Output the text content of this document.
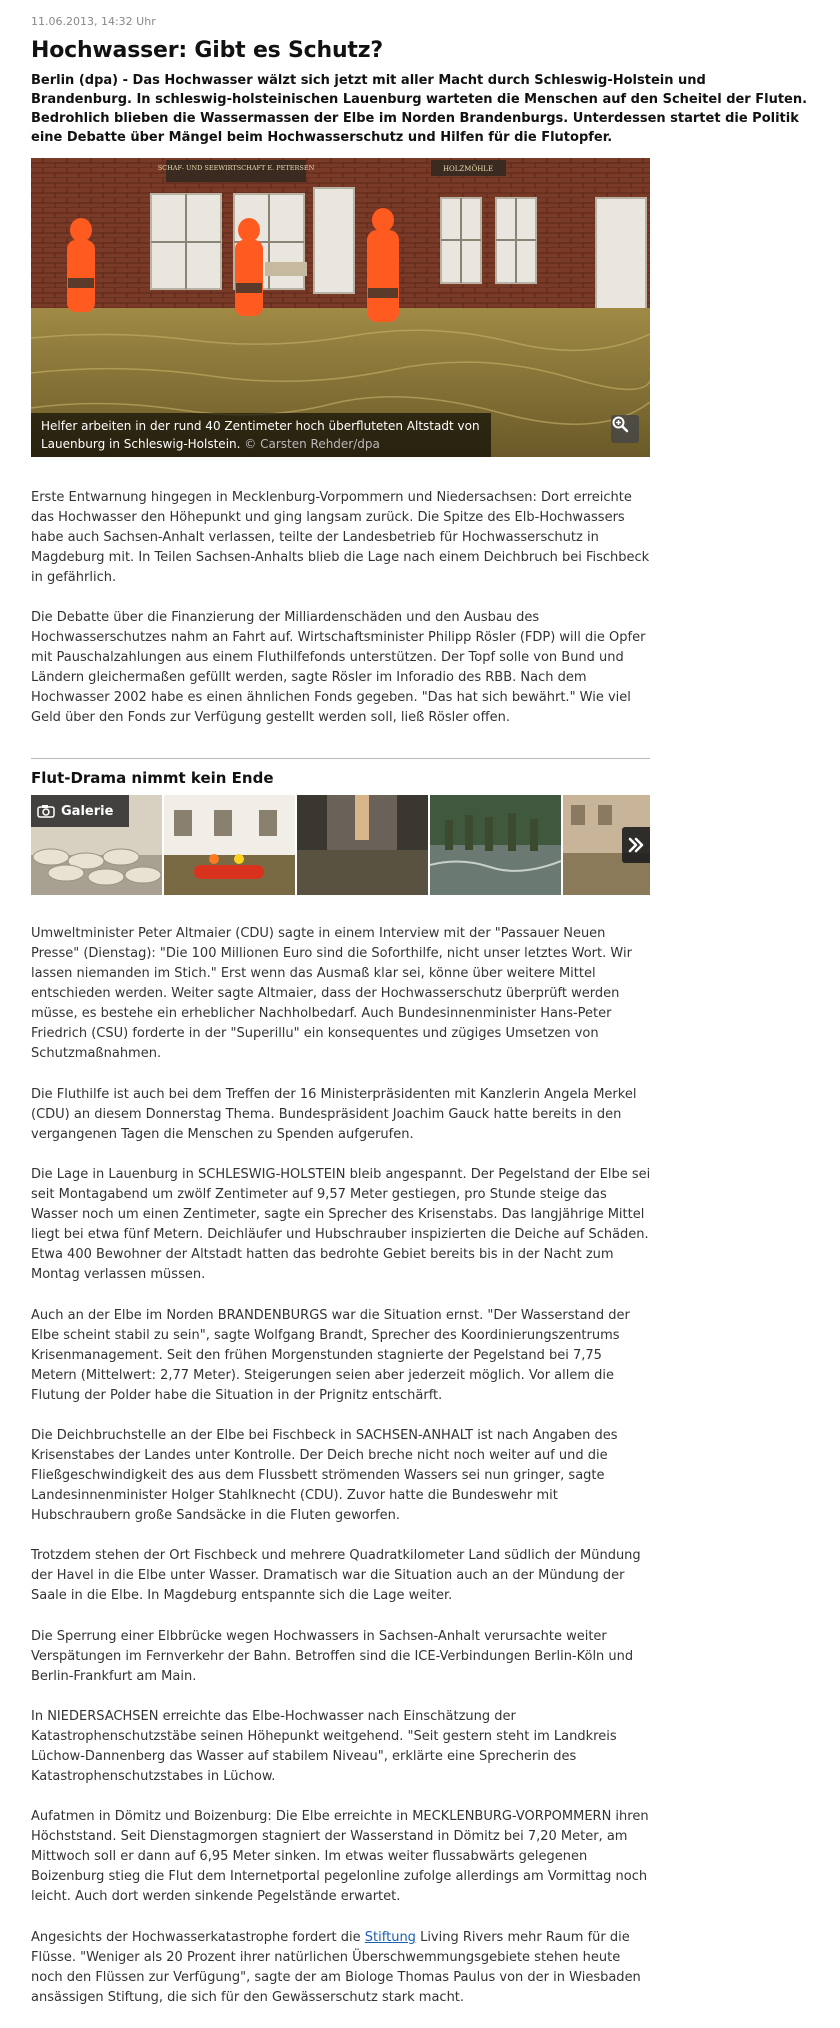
11.06.2013, 14:32 Uhr
Hochwasser: Gibt es Schutz?

Berlin (dpa) - Das Hochwasser wälzt sich jetzt mit aller Macht durch Schleswig-Holstein und Brandenburg. In schleswig-holsteinischen Lauenburg warteten die Menschen auf den Scheitel der Fluten. Bedrohlich blieben die Wassermassen der Elbe im Norden Brandenburgs. Unterdessen startet die Politik eine Debatte über Mängel beim Hochwasserschutz und Hilfen für die Flutopfer.

SCHAF- UND SEEWIRTSCHAFT E. PETERSEN	HOLZMÖHLE
Helfer arbeiten in der rund 40 Zentimeter hoch überfluteten Altstadt von Lauenburg in Schleswig-Holstein. © Carsten Rehder/dpa

Erste Entwarnung hingegen in Mecklenburg-Vorpommern und Niedersachsen: Dort erreichte das Hochwasser den Höhepunkt und ging langsam zurück. Die Spitze des Elb-Hochwassers habe auch Sachsen-Anhalt verlassen, teilte der Landesbetrieb für Hochwasserschutz in Magdeburg mit. In Teilen Sachsen-Anhalts blieb die Lage nach einem Deichbruch bei Fischbeck in gefährlich.

Die Debatte über die Finanzierung der Milliardenschäden und den Ausbau des Hochwasserschutzes nahm an Fahrt auf. Wirtschaftsminister Philipp Rösler (FDP) will die Opfer mit Pauschalzahlungen aus einem Fluthilfefonds unterstützen. Der Topf solle von Bund und Ländern gleichermaßen gefüllt werden, sagte Rösler im Inforadio des RBB. Nach dem Hochwasser 2002 habe es einen ähnlichen Fonds gegeben. "Das hat sich bewährt." Wie viel Geld über den Fonds zur Verfügung gestellt werden soll, ließ Rösler offen.

Flut-Drama nimmt kein Ende
Galerie

Umweltminister Peter Altmaier (CDU) sagte in einem Interview mit der "Passauer Neuen Presse" (Dienstag): "Die 100 Millionen Euro sind die Soforthilfe, nicht unser letztes Wort. Wir lassen niemanden im Stich." Erst wenn das Ausmaß klar sei, könne über weitere Mittel entschieden werden. Weiter sagte Altmaier, dass der Hochwasserschutz überprüft werden müsse, es bestehe ein erheblicher Nachholbedarf. Auch Bundesinnenminister Hans-Peter Friedrich (CSU) forderte in der "Superillu" ein konsequentes und zügiges Umsetzen von Schutzmaßnahmen.

Die Fluthilfe ist auch bei dem Treffen der 16 Ministerpräsidenten mit Kanzlerin Angela Merkel (CDU) an diesem Donnerstag Thema. Bundespräsident Joachim Gauck hatte bereits in den vergangenen Tagen die Menschen zu Spenden aufgerufen.

Die Lage in Lauenburg in SCHLESWIG-HOLSTEIN bleib angespannt. Der Pegelstand der Elbe sei seit Montagabend um zwölf Zentimeter auf 9,57 Meter gestiegen, pro Stunde steige das Wasser noch um einen Zentimeter, sagte ein Sprecher des Krisenstabs. Das langjährige Mittel liegt bei etwa fünf Metern. Deichläufer und Hubschrauber inspizierten die Deiche auf Schäden. Etwa 400 Bewohner der Altstadt hatten das bedrohte Gebiet bereits bis in der Nacht zum Montag verlassen müssen.

Auch an der Elbe im Norden BRANDENBURGS war die Situation ernst. "Der Wasserstand der Elbe scheint stabil zu sein", sagte Wolfgang Brandt, Sprecher des Koordinierungszentrums Krisenmanagement. Seit den frühen Morgenstunden stagnierte der Pegelstand bei 7,75 Metern (Mittelwert: 2,77 Meter). Steigerungen seien aber jederzeit möglich. Vor allem die Flutung der Polder habe die Situation in der Prignitz entschärft.

Die Deichbruchstelle an der Elbe bei Fischbeck in SACHSEN-ANHALT ist nach Angaben des Krisenstabes der Landes unter Kontrolle. Der Deich breche nicht noch weiter auf und die Fließgeschwindigkeit des aus dem Flussbett strömenden Wassers sei nun gringer, sagte Landesinnenminister Holger Stahlknecht (CDU). Zuvor hatte die Bundeswehr mit Hubschraubern große Sandsäcke in die Fluten geworfen.

Trotzdem stehen der Ort Fischbeck und mehrere Quadratkilometer Land südlich der Mündung der Havel in die Elbe unter Wasser. Dramatisch war die Situation auch an der Mündung der Saale in die Elbe. In Magdeburg entspannte sich die Lage weiter.

Die Sperrung einer Elbbrücke wegen Hochwassers in Sachsen-Anhalt verursachte weiter Verspätungen im Fernverkehr der Bahn. Betroffen sind die ICE-Verbindungen Berlin-Köln und Berlin-Frankfurt am Main.

In NIEDERSACHSEN erreichte das Elbe-Hochwasser nach Einschätzung der Katastrophenschutzstäbe seinen Höhepunkt weitgehend. "Seit gestern steht im Landkreis Lüchow-Dannenberg das Wasser auf stabilem Niveau", erklärte eine Sprecherin des Katastrophenschutzstabes in Lüchow.

Aufatmen in Dömitz und Boizenburg: Die Elbe erreichte in MECKLENBURG-VORPOMMERN ihren Höchststand. Seit Dienstagmorgen stagniert der Wasserstand in Dömitz bei 7,20 Meter, am Mittwoch soll er dann auf 6,95 Meter sinken. Im etwas weiter flussabwärts gelegenen Boizenburg stieg die Flut dem Internetportal pegelonline zufolge allerdings am Vormittag noch leicht. Auch dort werden sinkende Pegelstände erwartet.

Angesichts der Hochwasserkatastrophe fordert die Stiftung Living Rivers mehr Raum für die Flüsse. "Weniger als 20 Prozent ihrer natürlichen Überschwemmungsgebiete stehen heute noch den Flüssen zur Verfügung", sagte der am Biologe Thomas Paulus von der in Wiesbaden ansässigen Stiftung, die sich für den Gewässerschutz stark macht.
